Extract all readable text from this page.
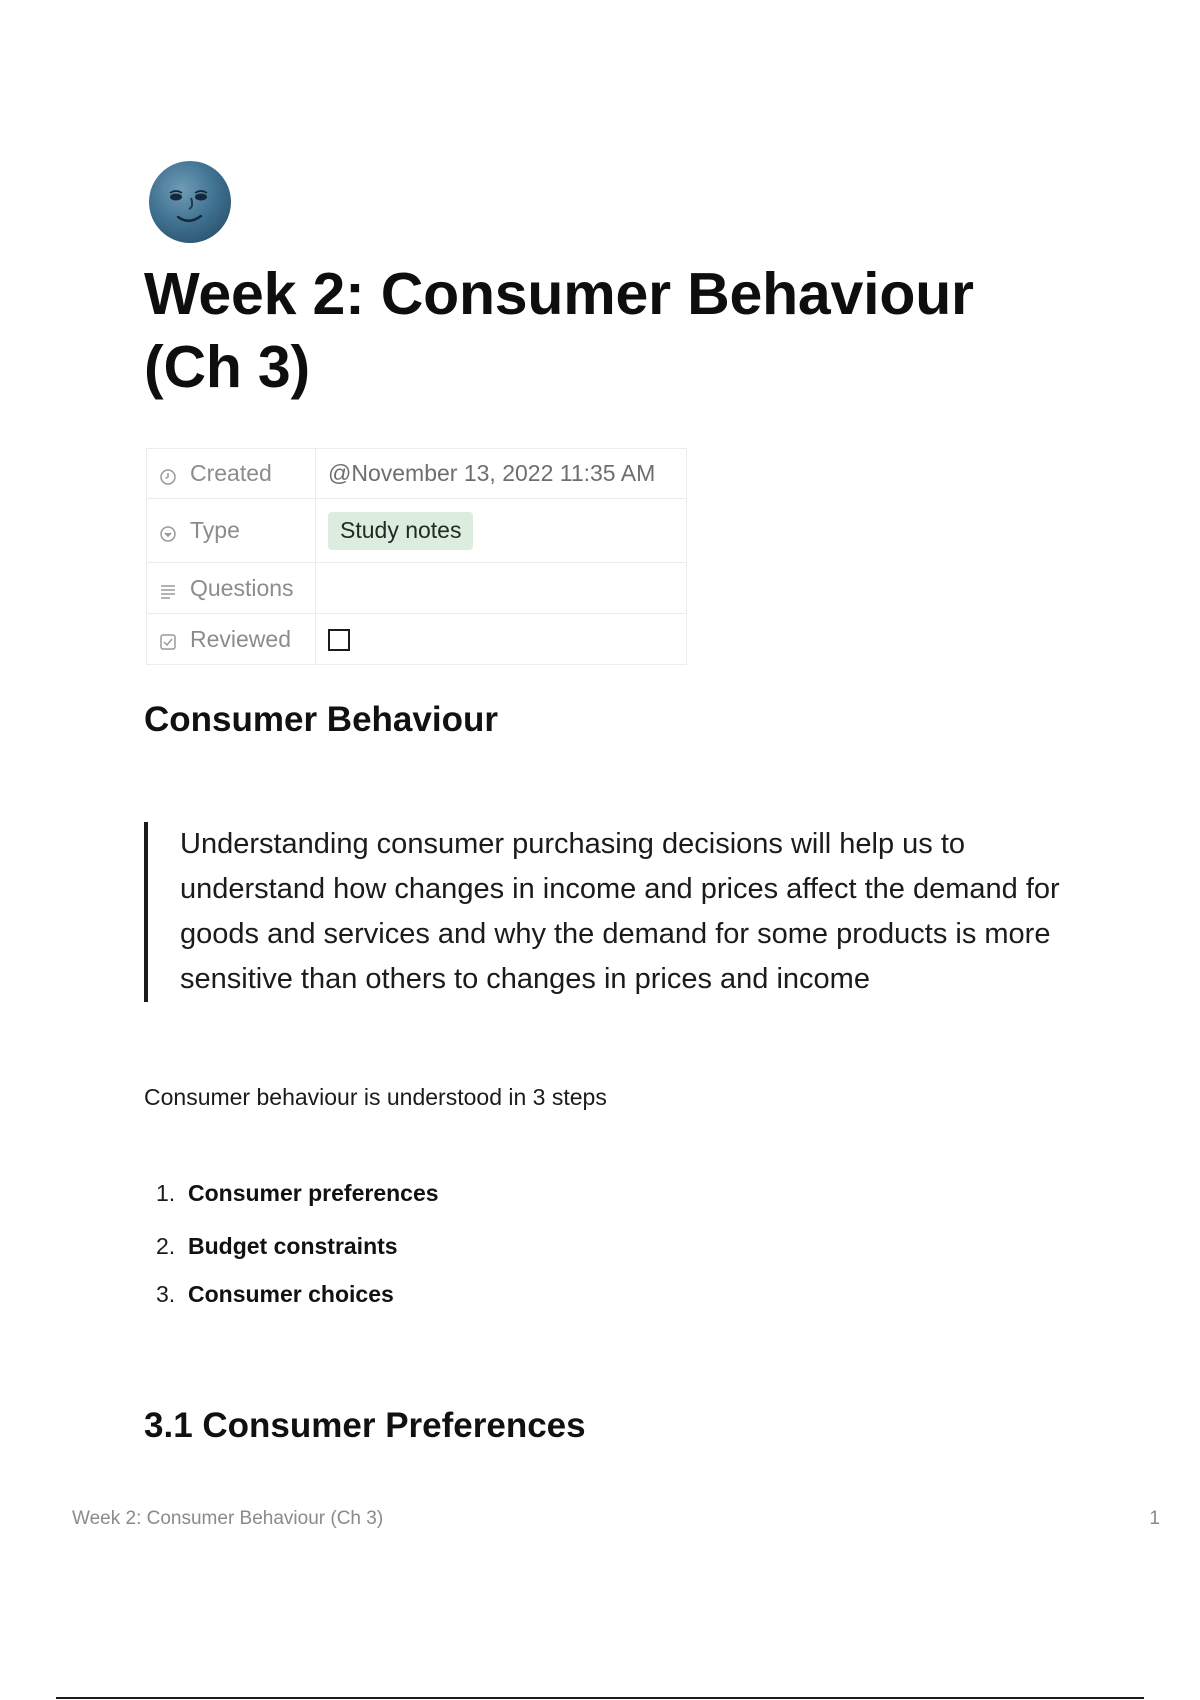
Week 2: Consumer Behaviour (Ch 3)
Created	@November 13, 2022 11:35 AM
Type	Study notes
Questions	
Reviewed	
Consumer Behaviour
Understanding consumer purchasing decisions will help us to understand how changes in income and prices affect the demand for goods and services and why the demand for some products is more sensitive than others to changes in prices and income

Consumer behaviour is understood in 3 steps

1. Consumer preferences
2. Budget constraints
3. Consumer choices
3.1 Consumer Preferences
Week 2: Consumer Behaviour (Ch 3)	1
